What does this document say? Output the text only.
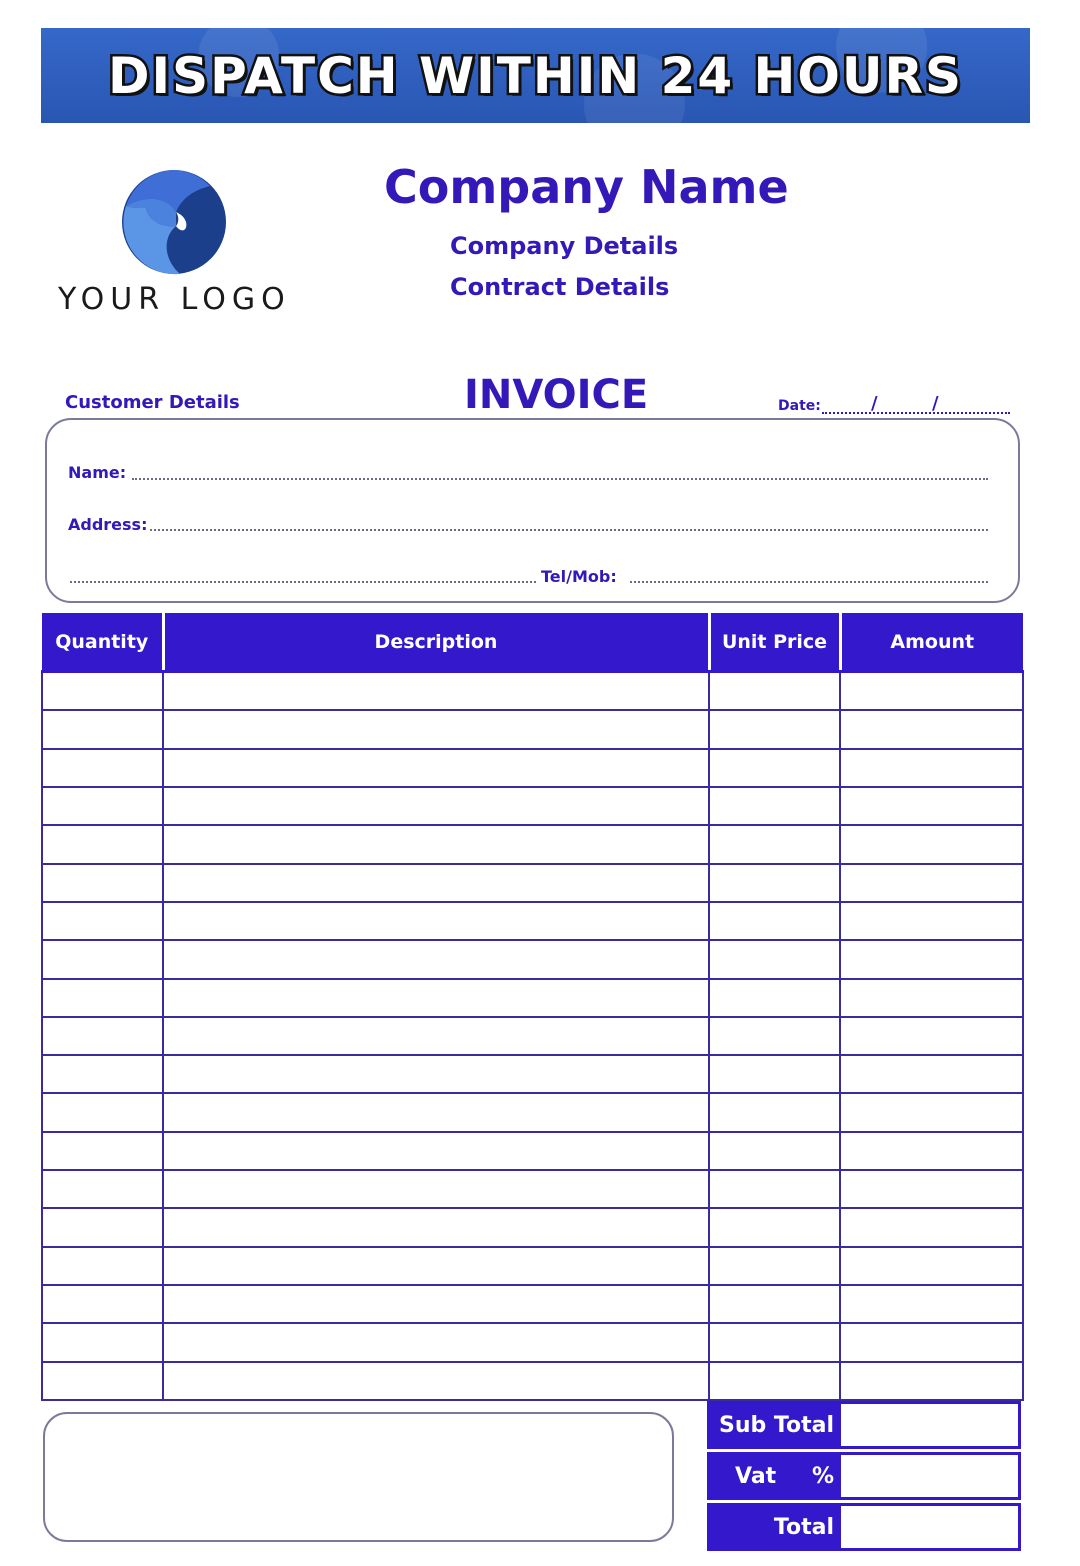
DISPATCH WITHIN 24 HOURS
YOUR LOGO
Company Name
Company Details
Contract Details
Customer Details	INVOICE	Date:	/	/
Name:
Address:
Tel/Mob:
Quantity	Description	Unit Price	Amount

Sub Total
Vat %
Total
